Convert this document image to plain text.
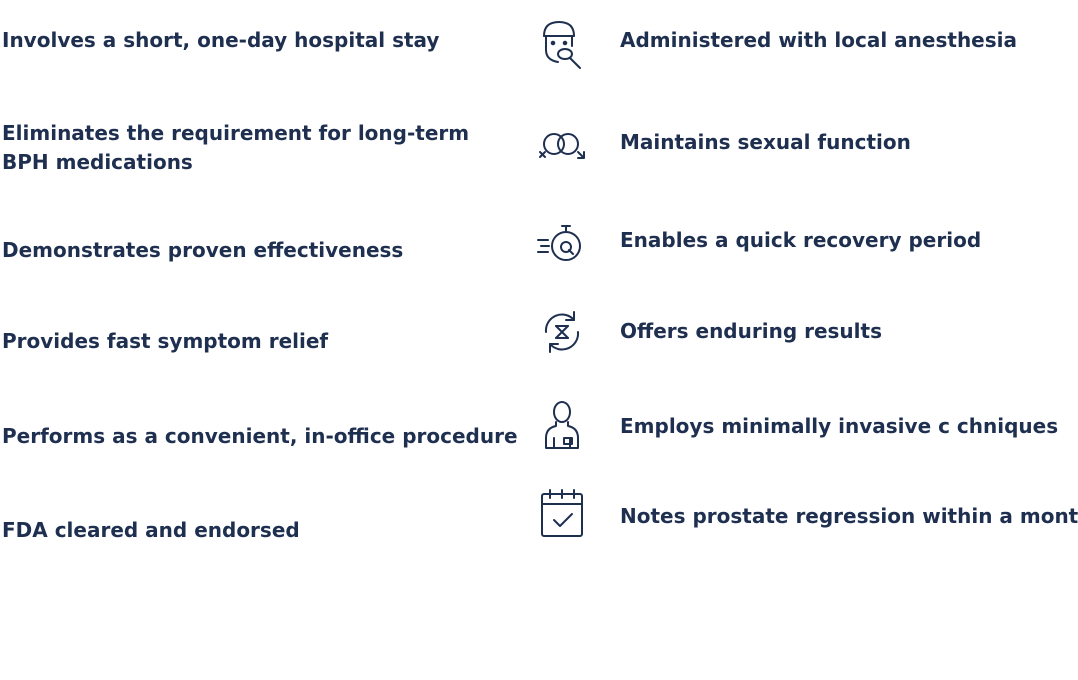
Involves a short, one-day hospital stay

Eliminates the requirement for long-term

BPH medications

Demonstrates proven effectiveness

Provides fast symptom relief

Performs as a convenient, in-office procedure

FDA cleared and endorsed

Administered with local anesthesia

Maintains sexual function

Enables a quick recovery period

Offers enduring results

Employs minimally invasive c chniques

Notes prostate regression within a mont
